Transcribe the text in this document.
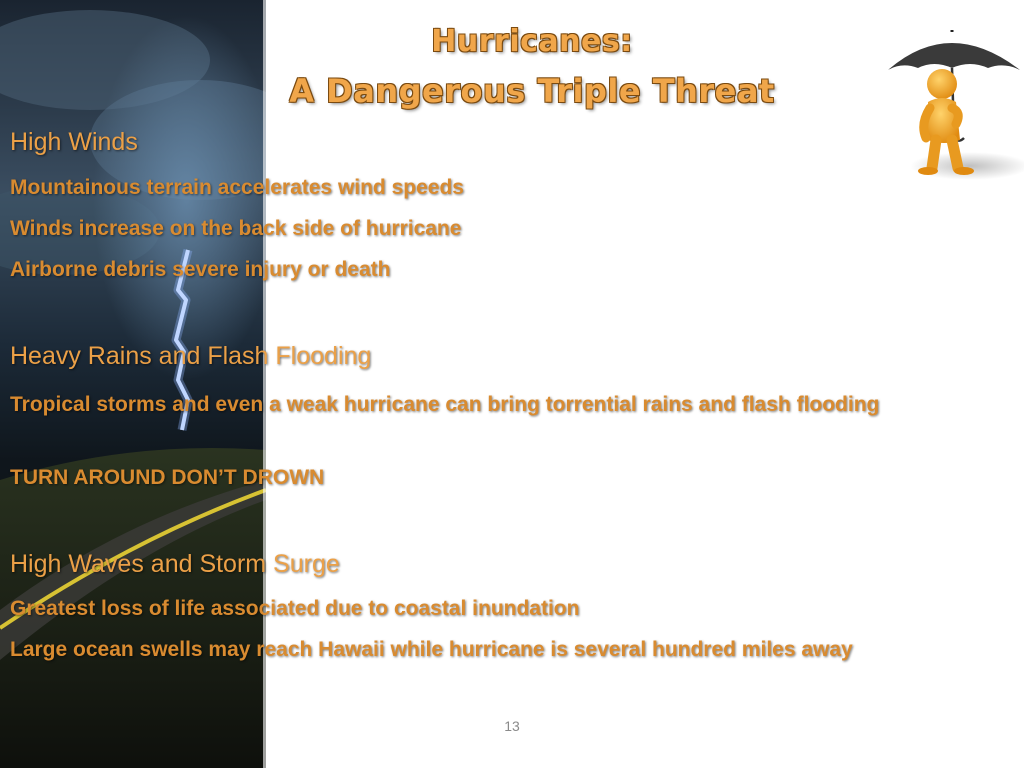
Hurricanes:
A Dangerous Triple Threat
High Winds
Mountainous terrain accelerates wind speeds
Winds increase on the back side of hurricane
Airborne debris severe injury or death
Heavy Rains and Flash Flooding
Tropical storms and even a weak hurricane can bring torrential rains and flash flooding
TURN AROUND DON’T DROWN
High Waves and Storm Surge
Greatest loss of life associated due to coastal inundation
Large ocean swells may reach Hawaii while hurricane is several hundred miles away
13
